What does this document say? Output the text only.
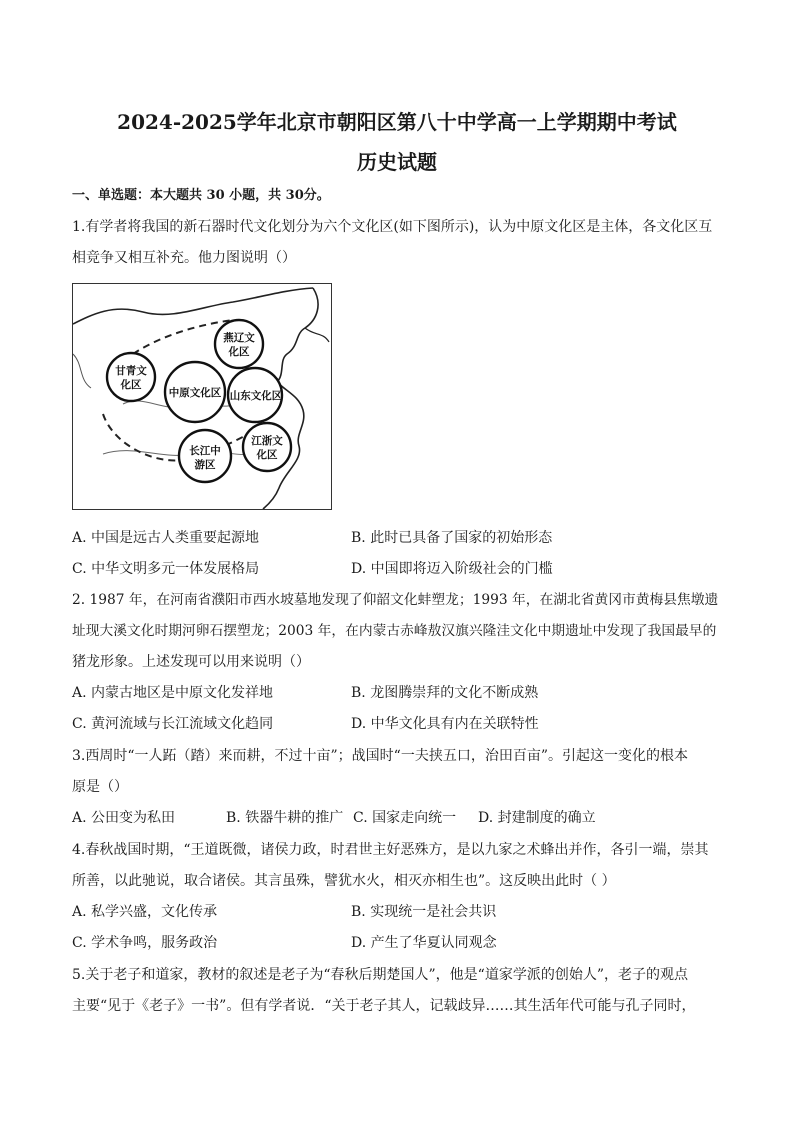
2024-2025学年北京市朝阳区第八十中学高一上学期期中考试
历史试题
一、单选题：本大题共 30 小题，共 30分。
1.有学者将我国的新石器时代文化划分为六个文化区(如下图所示)，认为中原文化区是主体，各文化区互
相竞争又相互补充。他力图说明（）
燕辽文
化区
甘青文
化区
中原文化区 山东文化区
长江中
游区
江浙文
化区
A. 中国是远古人类重要起源地	B. 此时已具备了国家的初始形态
C. 中华文明多元一体发展格局	D. 中国即将迈入阶级社会的门槛
2. 1987 年，在河南省濮阳市西水坡墓地发现了仰韶文化蚌塑龙；1993 年，在湖北省黄冈市黄梅县焦墩遗
址现大溪文化时期河卵石摆塑龙；2003 年，在内蒙古赤峰敖汉旗兴隆洼文化中期遗址中发现了我国最早的
猪龙形象。上述发现可以用来说明（）
A. 内蒙古地区是中原文化发祥地	B. 龙图腾崇拜的文化不断成熟
C. 黄河流域与长江流域文化趋同	D. 中华文化具有内在关联特性
3.西周时“一人跖（踏）来而耕，不过十亩”；战国时“一夫挟五口，治田百亩”。引起这一变化的根本
原是（）
A. 公田变为私田	B. 铁器牛耕的推广 C. 国家走向统一 D. 封建制度的确立
4.春秋战国时期，“王道既微，诸侯力政，时君世主好恶殊方，是以九家之术蜂出并作，各引一端，崇其
所善，以此驰说，取合诸侯。其言虽殊，譬犹水火，相灭亦相生也”。这反映出此时（ ）
A. 私学兴盛，文化传承	B. 实现统一是社会共识
C. 学术争鸣，服务政治	D. 产生了华夏认同观念
5.关于老子和道家，教材的叙述是老子为“春秋后期楚国人”，他是“道家学派的创始人”，老子的观点
主要“见于《老子》一书”。但有学者说．“关于老子其人，记载歧异……其生活年代可能与孔子同时，
